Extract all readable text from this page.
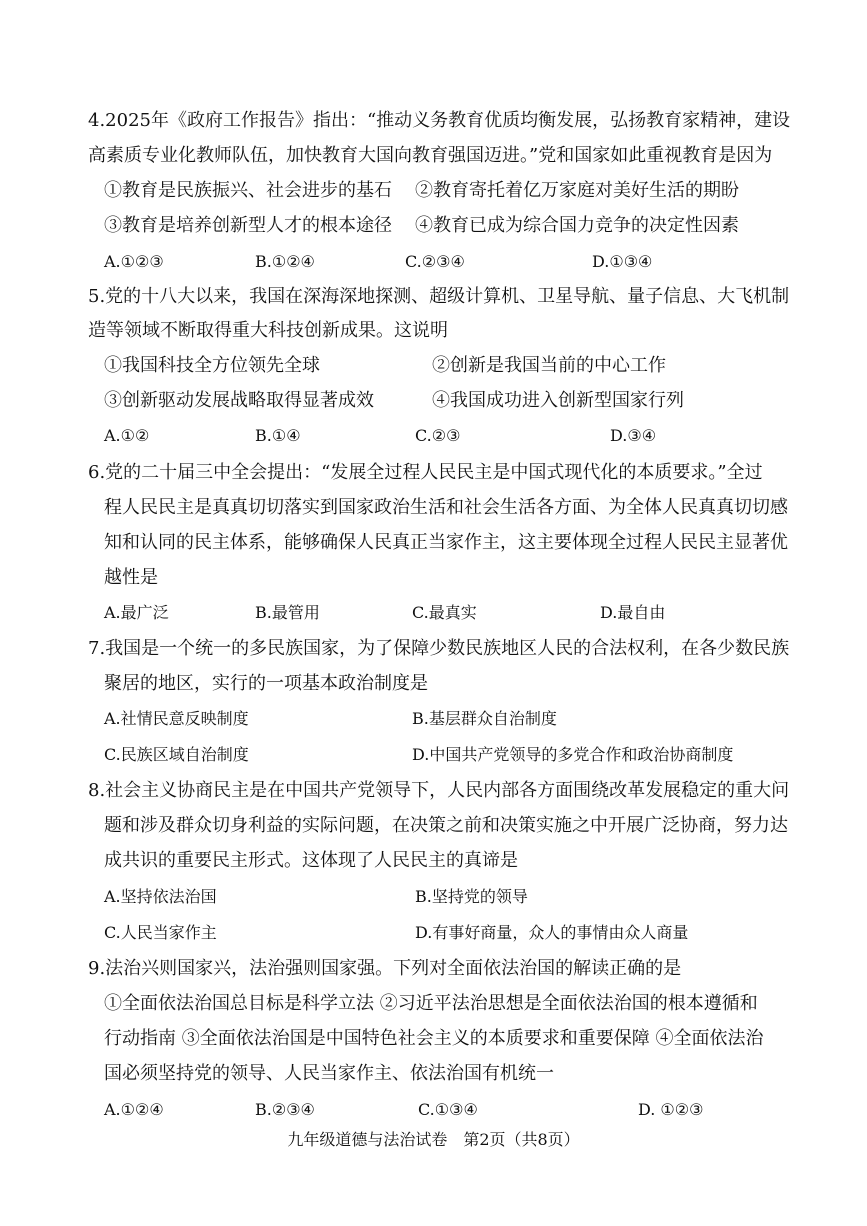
4.2025年《政府工作报告》指出：“推动义务教育优质均衡发展，弘扬教育家精神，建设
高素质专业化教师队伍，加快教育大国向教育强国迈进。”党和国家如此重视教育是因为
①教育是民族振兴、社会进步的基石	②教育寄托着亿万家庭对美好生活的期盼
③教育是培养创新型人才的根本途径	④教育已成为综合国力竞争的决定性因素
A.①②③	B.①②④	C.②③④	D.①③④
5.党的十八大以来，我国在深海深地探测、超级计算机、卫星导航、量子信息、大飞机制
造等领域不断取得重大科技创新成果。这说明
①我国科技全方位领先全球	②创新是我国当前的中心工作
③创新驱动发展战略取得显著成效	④我国成功进入创新型国家行列
A.①②	B.①④	C.②③	D.③④
6.党的二十届三中全会提出：“发展全过程人民民主是中国式现代化的本质要求。”全过
程人民民主是真真切切落实到国家政治生活和社会生活各方面、为全体人民真真切切感
知和认同的民主体系，能够确保人民真正当家作主，这主要体现全过程人民民主显著优
越性是
A.最广泛	B.最管用	C.最真实	D.最自由
7.我国是一个统一的多民族国家，为了保障少数民族地区人民的合法权利，在各少数民族
聚居的地区，实行的一项基本政治制度是
A.社情民意反映制度	B.基层群众自治制度
C.民族区域自治制度	D.中国共产党领导的多党合作和政治协商制度
8.社会主义协商民主是在中国共产党领导下，人民内部各方面围绕改革发展稳定的重大问
题和涉及群众切身利益的实际问题，在决策之前和决策实施之中开展广泛协商，努力达
成共识的重要民主形式。这体现了人民民主的真谛是
A.坚持依法治国	B.坚持党的领导
C.人民当家作主	D.有事好商量，众人的事情由众人商量
9.法治兴则国家兴，法治强则国家强。下列对全面依法治国的解读正确的是
①全面依法治国总目标是科学立法 ②习近平法治思想是全面依法治国的根本遵循和
行动指南 ③全面依法治国是中国特色社会主义的本质要求和重要保障 ④全面依法治
国必须坚持党的领导、人民当家作主、依法治国有机统一
A.①②④	B.②③④	C.①③④	D. ①②③
九年级道德与法治试卷　第2页（共8页）
